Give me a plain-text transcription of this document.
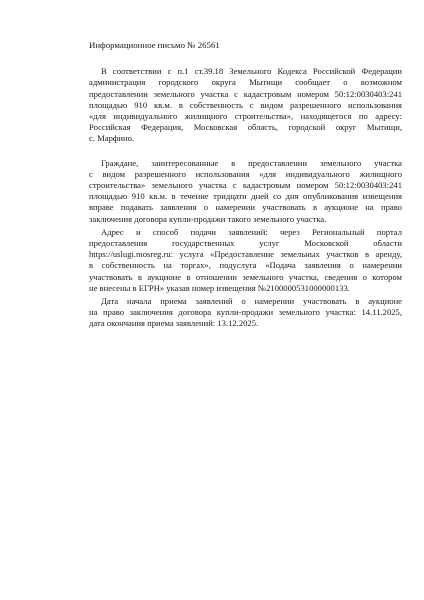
Информационное письмо № 26561
В соответствии с п.1 ст.39.18 Земельного Кодекса Российской Федерации
администрация городского округа Мытищи сообщает о возможном
предоставлении земельного участка с кадастровым номером 50:12:0030403:241
площадью 910 кв.м. в собственность с видом разрешенного использования
«для индивидуального жилищного строительства», находящегося по адресу:
Российская Федерация, Московская область, городской округ Мытищи,
с. Марфино.
Граждане, заинтересованные в предоставлении земельного участка
с видом разрешенного использования «для индивидуального жилищного
строительства» земельного участка с кадастровым номером 50:12:0030403:241
площадью 910 кв.м. в течение тридцати дней со дня опубликования извещения
вправе подавать заявления о намерении участвовать в аукционе на право
заключения договора купли-продажи такого земельного участка.
Адрес и способ подачи заявлений: через Региональный портал
предоставления государственных услуг Московской области
https://uslugi.mosreg.ru: услуга «Предоставление земельных участков в аренду,
в собственность на торгах», подуслуга «Подача заявления о намерении
участвовать в аукционе в отношении земельного участка, сведения о котором
не внесены в ЕГРН» указав номер извещения №2100000531000000133.
Дата начала приема заявлений о намерении участвовать в аукционе
на право заключения договора купли-продажи земельного участка: 14.11.2025,
дата окончания приема заявлений: 13.12.2025.
